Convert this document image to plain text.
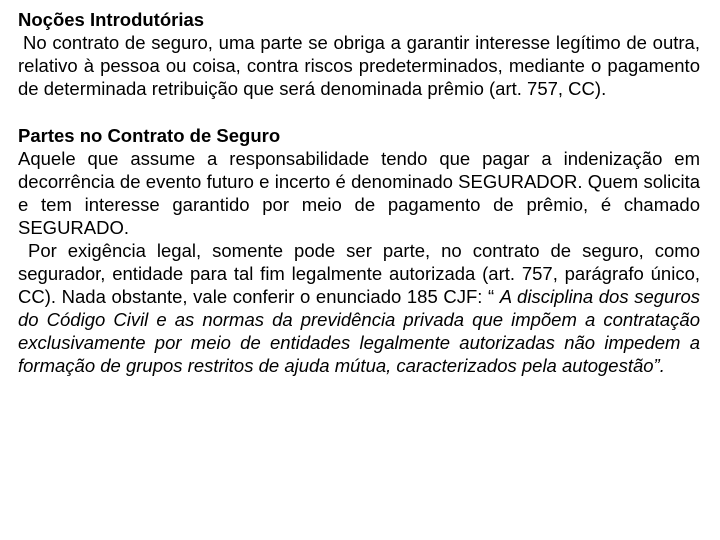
Noções Introdutórias

No contrato de seguro, uma parte se obriga a garantir interesse legítimo de outra, relativo à pessoa ou coisa, contra riscos predeterminados, mediante o pagamento de determinada retribuição que será denominada prêmio (art. 757, CC).

Partes no Contrato de Seguro

Aquele que assume a responsabilidade tendo que pagar a indenização em decorrência de evento futuro e incerto é denominado SEGURADOR. Quem solicita e tem interesse garantido por meio de pagamento de prêmio, é chamado SEGURADO.

Por exigência legal, somente pode ser parte, no contrato de seguro, como segurador, entidade para tal fim legalmente autorizada (art. 757, parágrafo único, CC). Nada obstante, vale conferir o enunciado 185 CJF: “ A disciplina dos seguros do Código Civil e as normas da previdência privada que impõem a contratação exclusivamente por meio de entidades legalmente autorizadas não impedem a formação de grupos restritos de ajuda mútua, caracterizados pela autogestão”.
